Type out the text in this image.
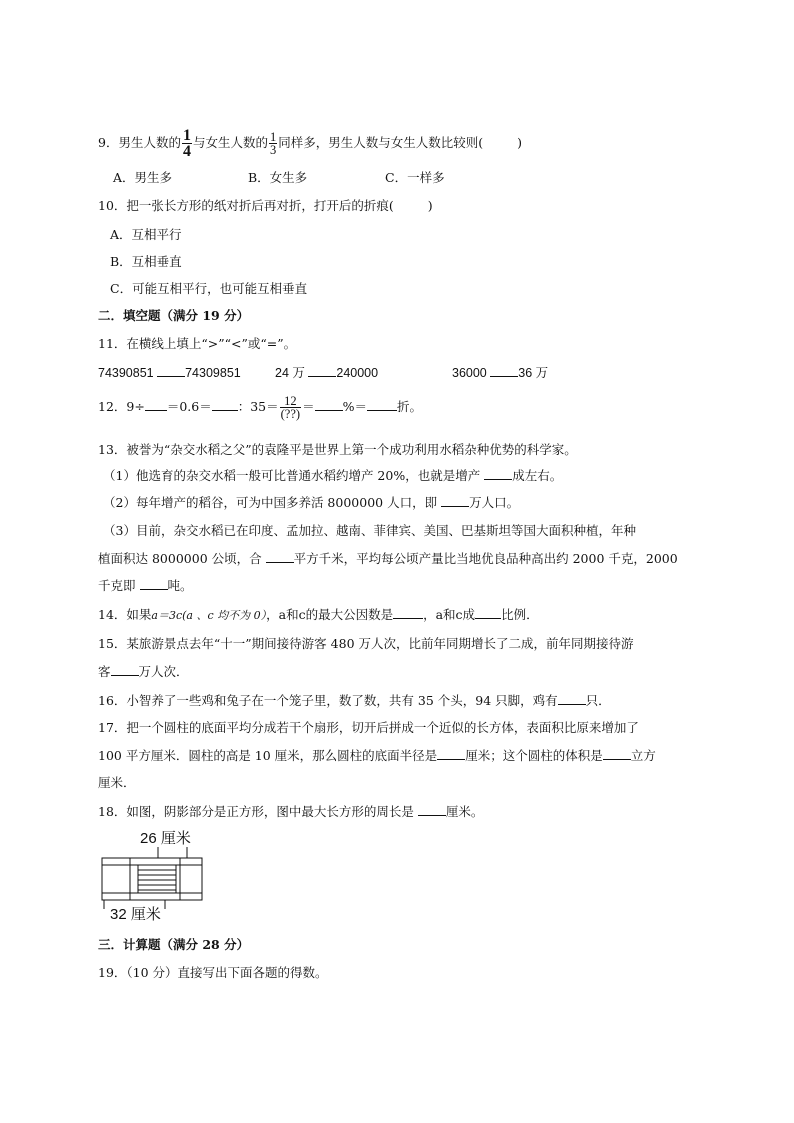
9．男生人数的 $\frac{1}{4}$ 与女生人数的 $\frac{1}{3}$ 同样多，男生人数与女生人数比较则(	)
A．男生多	B．女生多	C．一样多
10．把一张长方形的纸对折后再对折，打开后的折痕(	)
A．互相平行
B．互相垂直
C．可能互相平行，也可能互相垂直
二．填空题（满分 19 分）
11．在横线上填上“>”“<”或“=”。
74390851	74309851	24 万	240000	36000	36 万
12．9÷ ＝0.6＝ ：$35= \frac{12}{(??)}$ ＝ %＝ 折。
13．被誉为“杂交水稻之父”的袁隆平是世界上第一个成功利用水稻杂种优势的科学家。
（1）他选育的杂交水稻一般可比普通水稻约增产 20%，也就是增产	成左右。
（2）每年增产的稻谷，可为中国多养活 8000000 人口，即	万人口。
（3）目前，杂交水稻已在印度、孟加拉、越南、菲律宾、美国、巴基斯坦等国大面积种植，年种
植面积达 8000000 公顷，合	平方千米，平均每公顷产量比当地优良品种高出约 2000 千克，2000
千克即	吨。
14．如果a＝3c(a 、c 均不为 0），a和c的最大公因数是 ，a和c成 比例．
15．某旅游景点去年“十一”期间接待游客 480 万人次，比前年同期增长了二成，前年同期接待游
客 万人次．
16．小智养了一些鸡和兔子在一个笼子里，数了数，共有 35 个头，94 只脚，鸡有 只．
17．把一个圆柱的底面平均分成若干个扇形，切开后拼成一个近似的长方体，表面积比原来增加了
100 平方厘米．圆柱的高是 10 厘米，那么圆柱的底面半径是 厘米；这个圆柱的体积是 立方
厘米．
18．如图，阴影部分是正方形，图中最大长方形的周长是	厘米。
26 厘米
32 厘米
三．计算题（满分 28 分）
19．（10 分）直接写出下面各题的得数。
